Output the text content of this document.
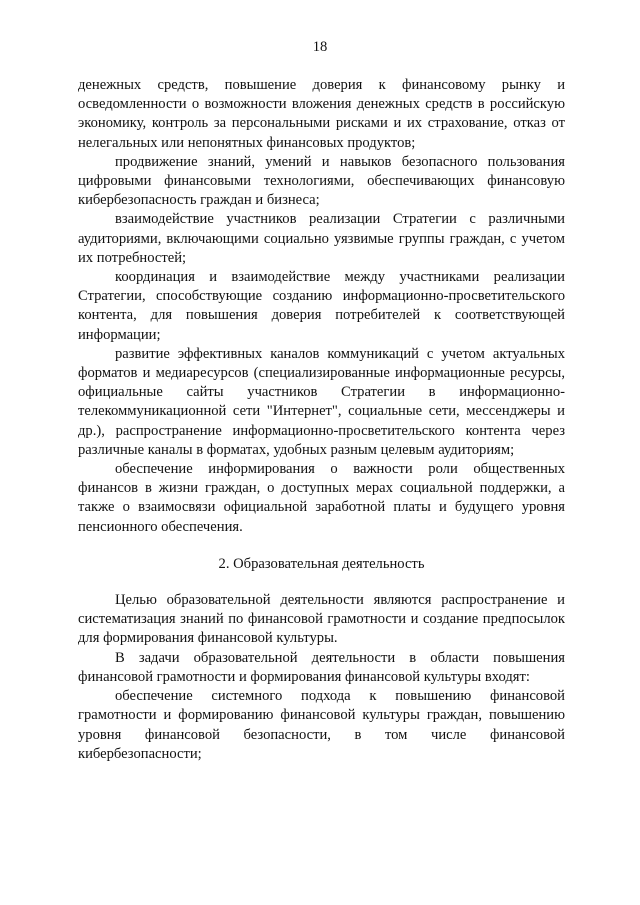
18

денежных средств, повышение доверия к финансовому рынку и осведомленности о возможности вложения денежных средств в российскую экономику, контроль за персональными рисками и их страхование, отказ от нелегальных или непонятных финансовых продуктов;

продвижение знаний, умений и навыков безопасного пользования цифровыми финансовыми технологиями, обеспечивающих финансовую кибербезопасность граждан и бизнеса;

взаимодействие участников реализации Стратегии с различными аудиториями, включающими социально уязвимые группы граждан, с учетом их потребностей;

координация и взаимодействие между участниками реализации Стратегии, способствующие созданию информационно-просветительского контента, для повышения доверия потребителей к соответствующей информации;

развитие эффективных каналов коммуникаций с учетом актуальных форматов и медиаресурсов (специализированные информационные ресурсы, официальные сайты участников Стратегии в информационно-телекоммуникационной сети "Интернет", социальные сети, мессенджеры и др.), распространение информационно-просветительского контента через различные каналы в форматах, удобных разным целевым аудиториям;

обеспечение информирования о важности роли общественных финансов в жизни граждан, о доступных мерах социальной поддержки, а также о взаимосвязи официальной заработной платы и будущего уровня пенсионного обеспечения.

2. Образовательная деятельность

Целью образовательной деятельности являются распространение и систематизация знаний по финансовой грамотности и создание предпосылок для формирования финансовой культуры.

В задачи образовательной деятельности в области повышения финансовой грамотности и формирования финансовой культуры входят:

обеспечение системного подхода к повышению финансовой грамотности и формированию финансовой культуры граждан, повышению уровня финансовой безопасности, в том числе финансовой кибербезопасности;
